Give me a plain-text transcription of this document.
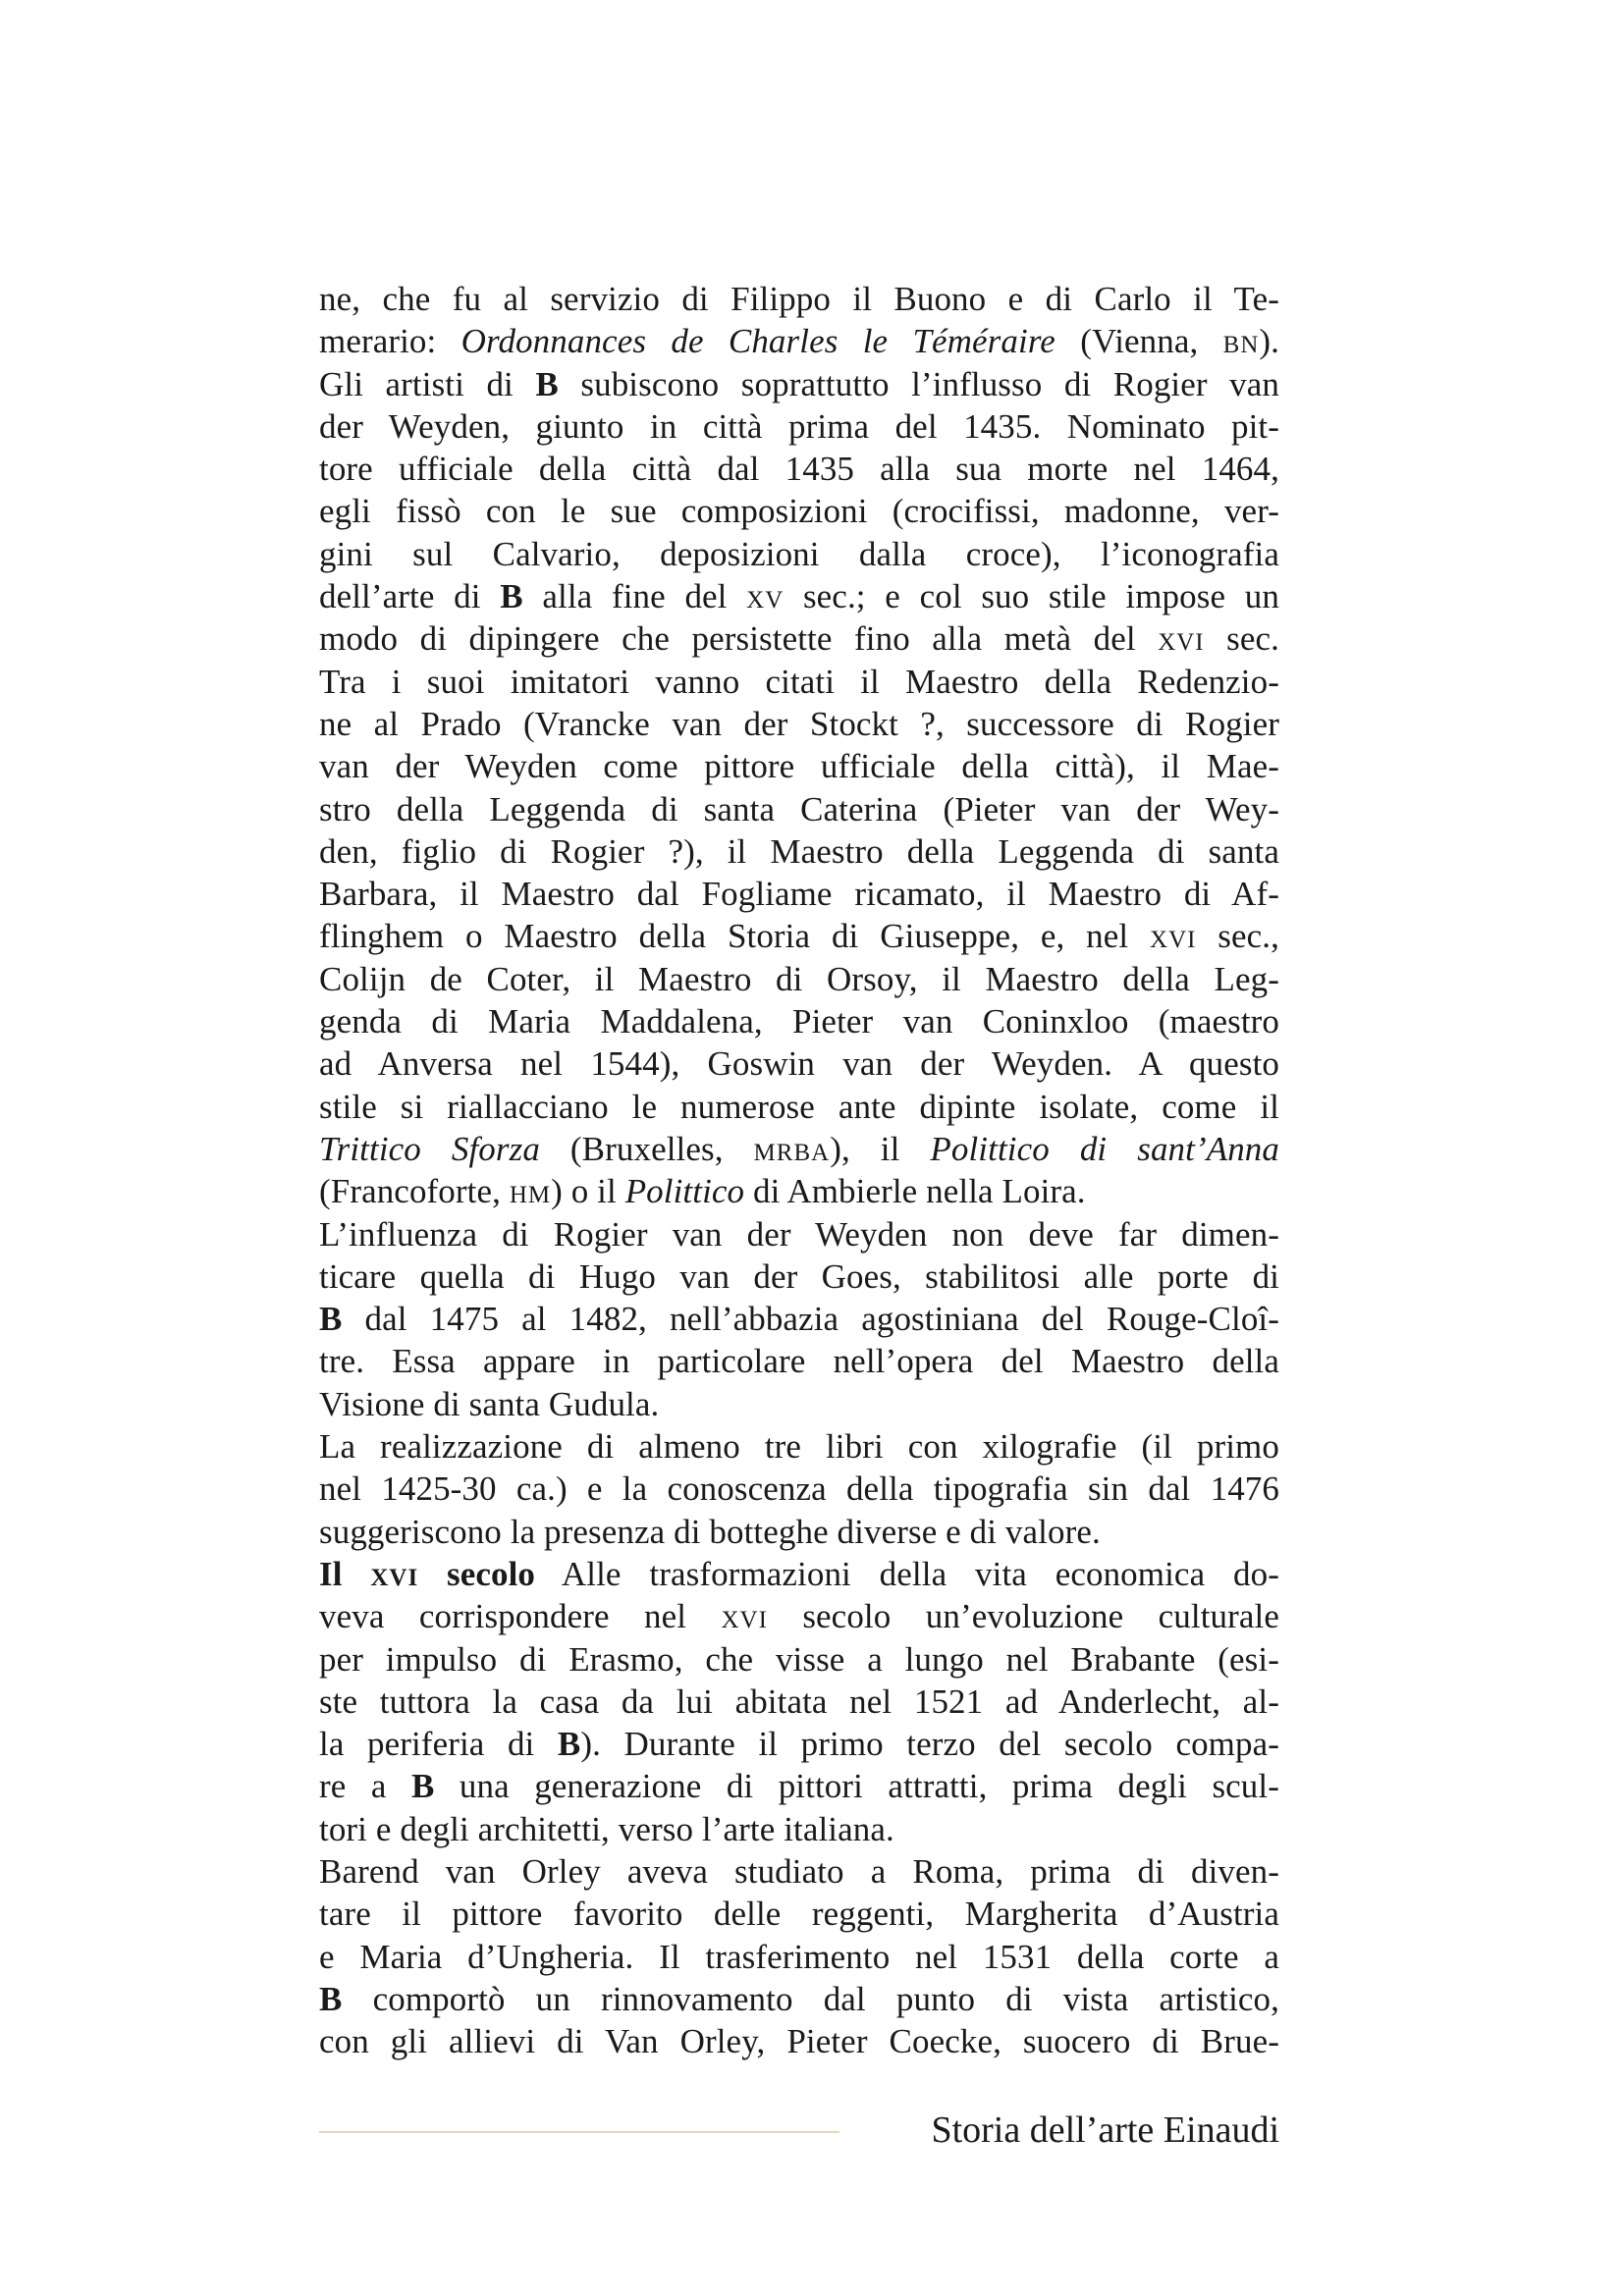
ne, che fu al servizio di Filippo il Buono e di Carlo il Te-
merario: Ordonnances de Charles le Téméraire (Vienna, bn).
Gli artisti di B subiscono soprattutto l’influsso di Rogier van
der Weyden, giunto in città prima del 1435. Nominato pit-
tore ufficiale della città dal 1435 alla sua morte nel 1464,
egli fissò con le sue composizioni (crocifissi, madonne, ver-
gini sul Calvario, deposizioni dalla croce), l’iconografia
dell’arte di B alla fine del xv sec.; e col suo stile impose un
modo di dipingere che persistette fino alla metà del xvi sec.
Tra i suoi imitatori vanno citati il Maestro della Redenzio-
ne al Prado (Vrancke van der Stockt ?, successore di Rogier
van der Weyden come pittore ufficiale della città), il Mae-
stro della Leggenda di santa Caterina (Pieter van der Wey-
den, figlio di Rogier ?), il Maestro della Leggenda di santa
Barbara, il Maestro dal Fogliame ricamato, il Maestro di Af-
flinghem o Maestro della Storia di Giuseppe, e, nel xvi sec.,
Colijn de Coter, il Maestro di Orsoy, il Maestro della Leg-
genda di Maria Maddalena, Pieter van Coninxloo (maestro
ad Anversa nel 1544), Goswin van der Weyden. A questo
stile si riallacciano le numerose ante dipinte isolate, come il
Trittico Sforza (Bruxelles, mrba), il Polittico di sant’Anna
(Francoforte, hm) o il Polittico di Ambierle nella Loira.
L’influenza di Rogier van der Weyden non deve far dimen-
ticare quella di Hugo van der Goes, stabilitosi alle porte di
B dal 1475 al 1482, nell’abbazia agostiniana del Rouge-Cloî-
tre. Essa appare in particolare nell’opera del Maestro della
Visione di santa Gudula.
La realizzazione di almeno tre libri con xilografie (il primo
nel 1425-30 ca.) e la conoscenza della tipografia sin dal 1476
suggeriscono la presenza di botteghe diverse e di valore.
Il xvi secolo Alle trasformazioni della vita economica do-
veva corrispondere nel xvi secolo un’evoluzione culturale
per impulso di Erasmo, che visse a lungo nel Brabante (esi-
ste tuttora la casa da lui abitata nel 1521 ad Anderlecht, al-
la periferia di B). Durante il primo terzo del secolo compa-
re a B una generazione di pittori attratti, prima degli scul-
tori e degli architetti, verso l’arte italiana.
Barend van Orley aveva studiato a Roma, prima di diven-
tare il pittore favorito delle reggenti, Margherita d’Austria
e Maria d’Ungheria. Il trasferimento nel 1531 della corte a
B comportò un rinnovamento dal punto di vista artistico,
con gli allievi di Van Orley, Pieter Coecke, suocero di Brue-
Storia dell’arte Einaudi
